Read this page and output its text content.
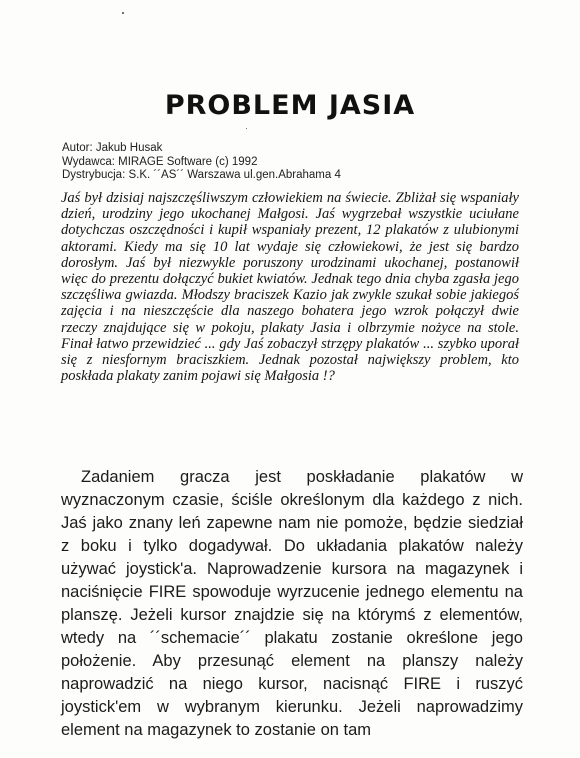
PROBLEM JASIA
Autor: Jakub Husak
Wydawca: MIRAGE Software (c) 1992
Dystrybucja: S.K. ´´AS´´ Warszawa ul.gen.Abrahama 4
Jaś był dzisiaj najszczęśliwszym człowiekiem na świecie. Zbliżał się wspaniały dzień, urodziny jego ukochanej Małgosi. Jaś wygrzebał wszystkie uciułane dotychczas oszczędności i kupił wspaniały prezent, 12 plakatów z ulubionymi aktorami. Kiedy ma się 10 lat wydaje się człowiekowi, że jest się bardzo dorosłym. Jaś był niezwykle poruszony urodzinami ukochanej, postanowił więc do prezentu dołączyć bukiet kwiatów. Jednak tego dnia chyba zgasła jego szczęśliwa gwiazda. Młodszy braciszek Kazio jak zwykle szukał sobie jakiegoś zajęcia i na nieszczęście dla naszego bohatera jego wzrok połączył dwie rzeczy znajdujące się w pokoju, plakaty Jasia i olbrzymie nożyce na stole. Finał łatwo przewidzieć ... gdy Jaś zobaczył strzępy plakatów ... szybko uporał się z niesfornym braciszkiem. Jednak pozostał największy problem, kto poskłada plakaty zanim pojawi się Małgosia !?
Zadaniem gracza jest poskładanie plakatów w wyznaczonym czasie, ściśle określonym dla każdego z nich. Jaś jako znany leń zapewne nam nie pomoże, będzie siedział z boku i tylko dogadywał. Do układania plakatów należy używać joystick'a. Naprowadzenie kursora na magazynek i naciśnięcie FIRE spowoduje wyrzucenie jednego elementu na planszę. Jeżeli kursor znajdzie się na którymś z elementów, wtedy na ´´schemacie´´ plakatu zostanie określone jego położenie. Aby przesunąć element na planszy należy naprowadzić na niego kursor, nacisnąć FIRE i ruszyć joystick'em w wybranym kierunku. Jeżeli naprowadzimy element na magazynek to zostanie on tam
